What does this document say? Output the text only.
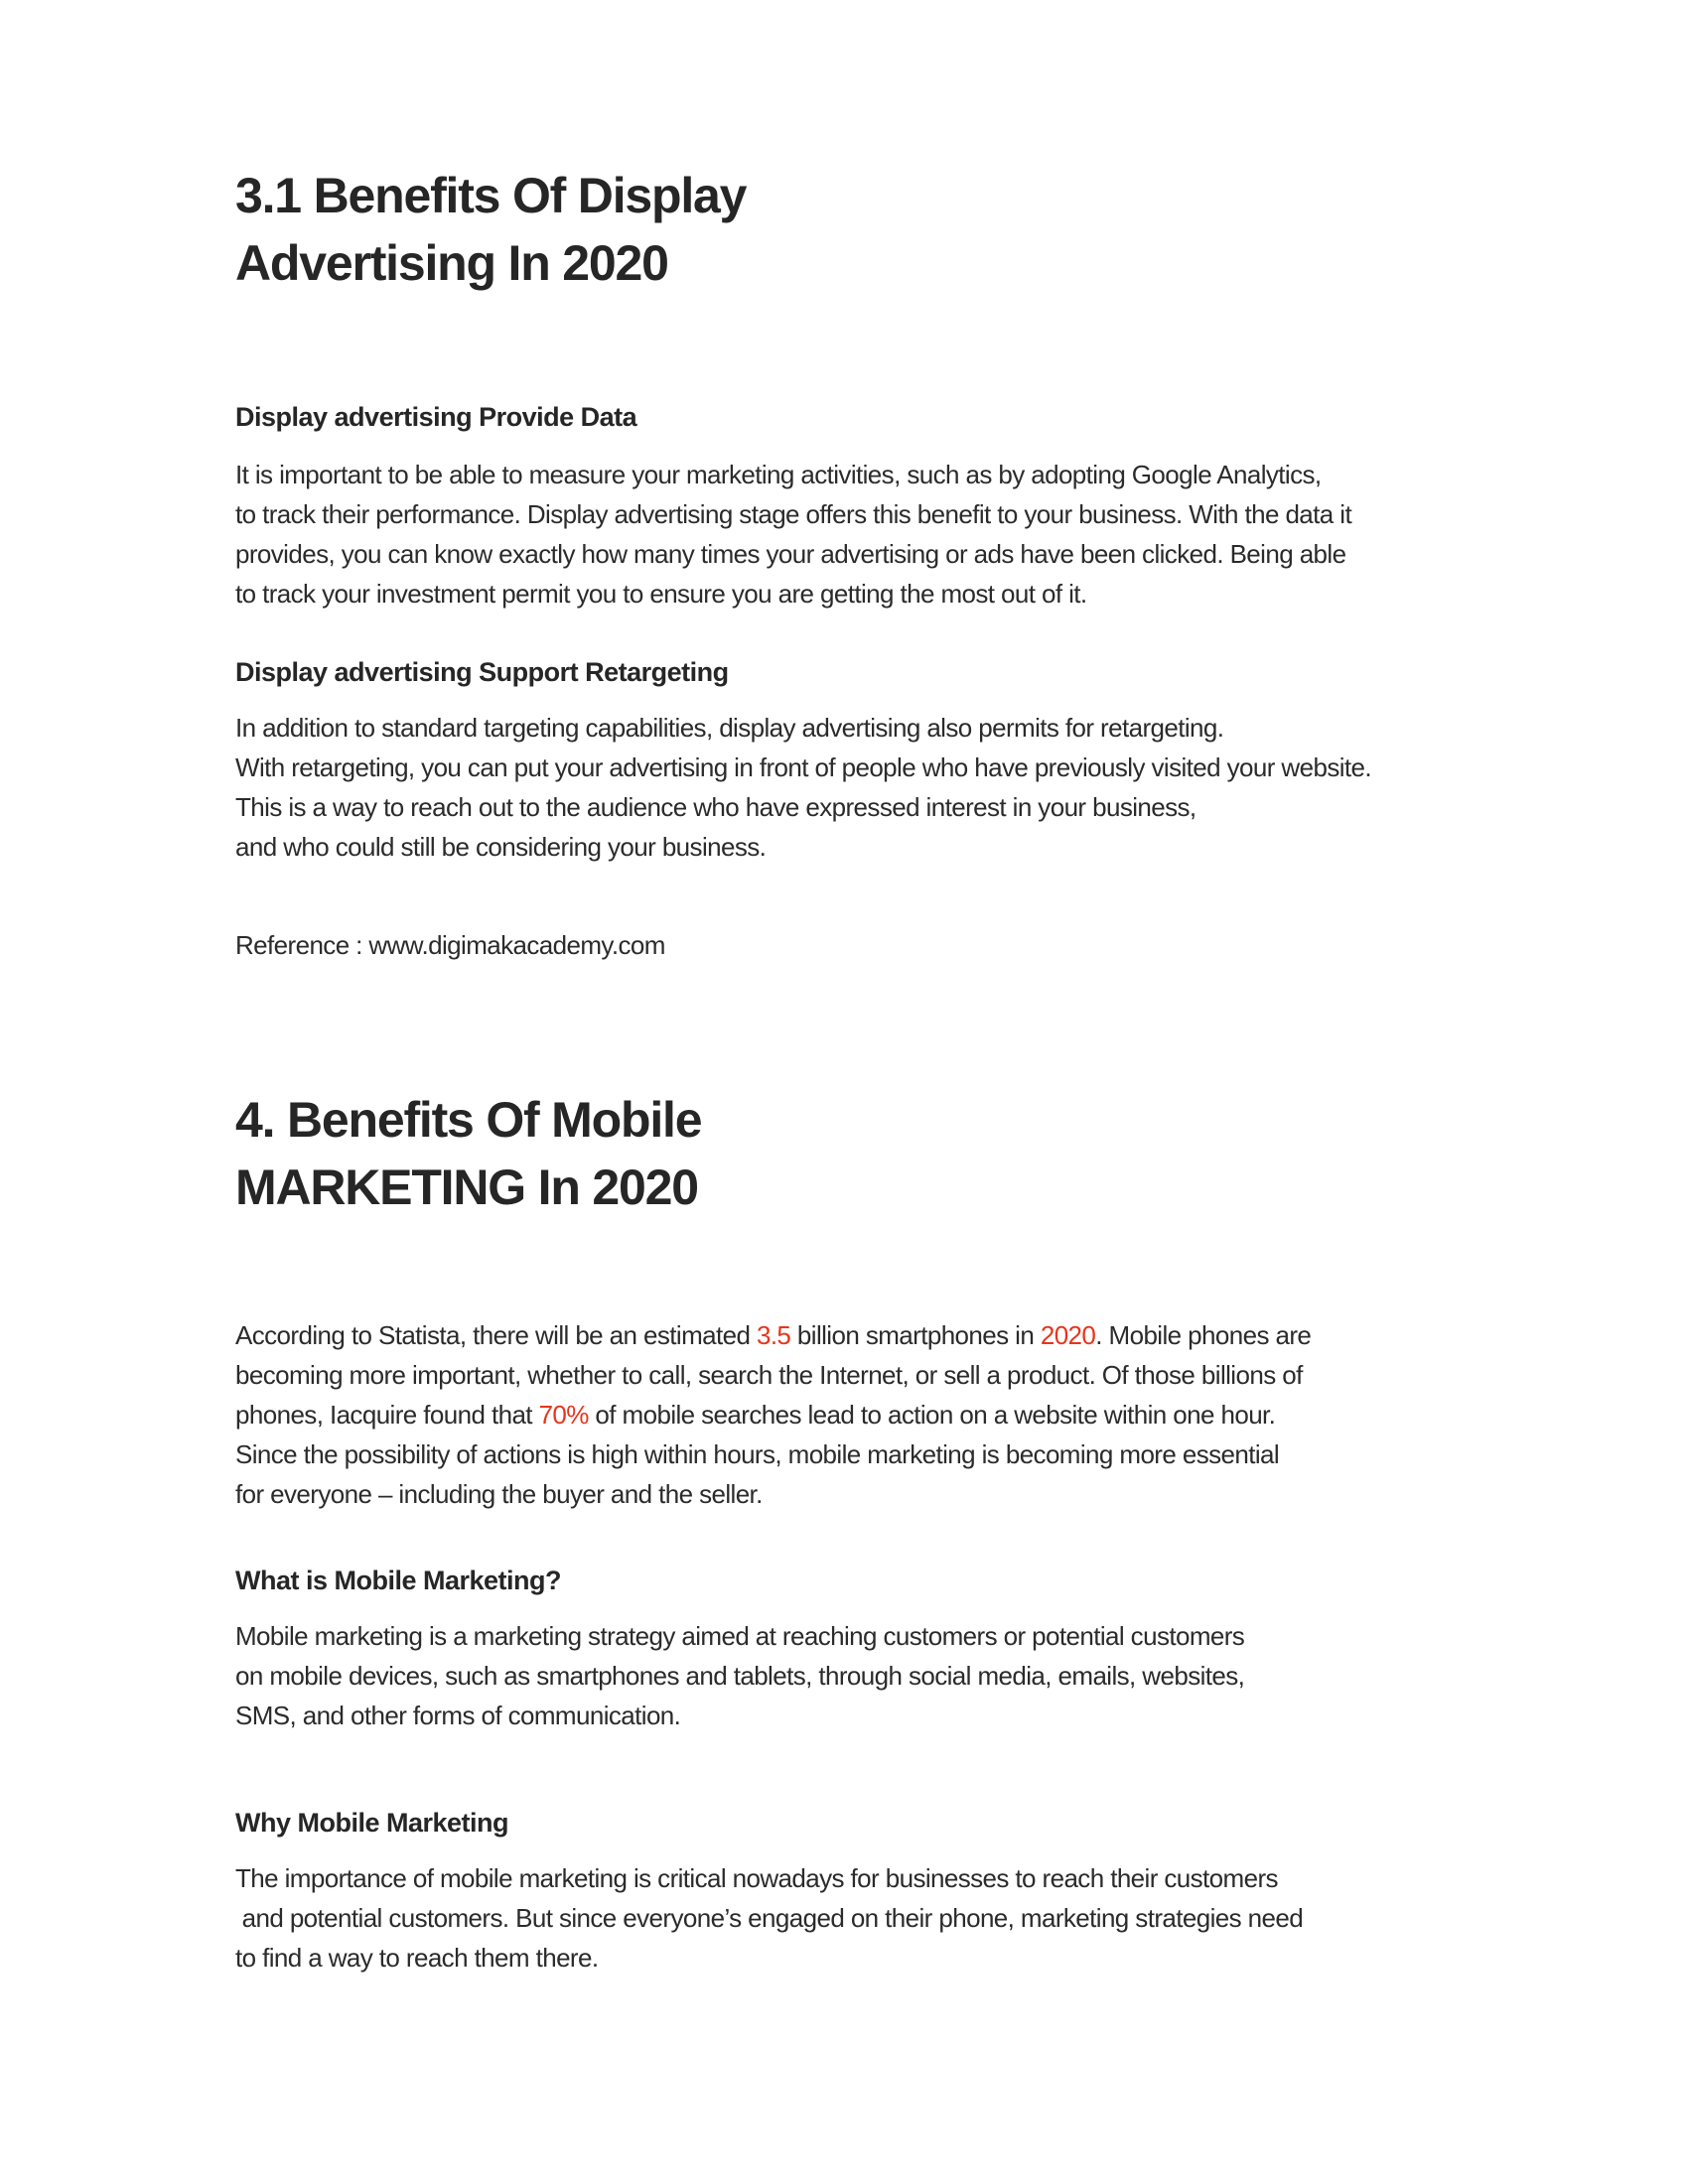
3.1 Benefits Of Display
Advertising In 2020
Display advertising Provide Data

It is important to be able to measure your marketing activities, such as by adopting Google Analytics,
to track their performance. Display advertising stage offers this benefit to your business. With the data it
provides, you can know exactly how many times your advertising or ads have been clicked. Being able
to track your investment permit you to ensure you are getting the most out of it.

Display advertising Support Retargeting

In addition to standard targeting capabilities, display advertising also permits for retargeting.
With retargeting, you can put your advertising in front of people who have previously visited your website.
This is a way to reach out to the audience who have expressed interest in your business,
and who could still be considering your business.

Reference : www.digimakacademy.com

4. Benefits Of Mobile
MARKETING In 2020

According to Statista, there will be an estimated 3.5 billion smartphones in 2020. Mobile phones are
becoming more important, whether to call, search the Internet, or sell a product. Of those billions of
phones, Iacquire found that 70% of mobile searches lead to action on a website within one hour.
Since the possibility of actions is high within hours, mobile marketing is becoming more essential
for everyone – including the buyer and the seller.

What is Mobile Marketing?

Mobile marketing is a marketing strategy aimed at reaching customers or potential customers
on mobile devices, such as smartphones and tablets, through social media, emails, websites,
SMS, and other forms of communication.

Why Mobile Marketing

The importance of mobile marketing is critical nowadays for businesses to reach their customers
and potential customers. But since everyone’s engaged on their phone, marketing strategies need
to find a way to reach them there.
